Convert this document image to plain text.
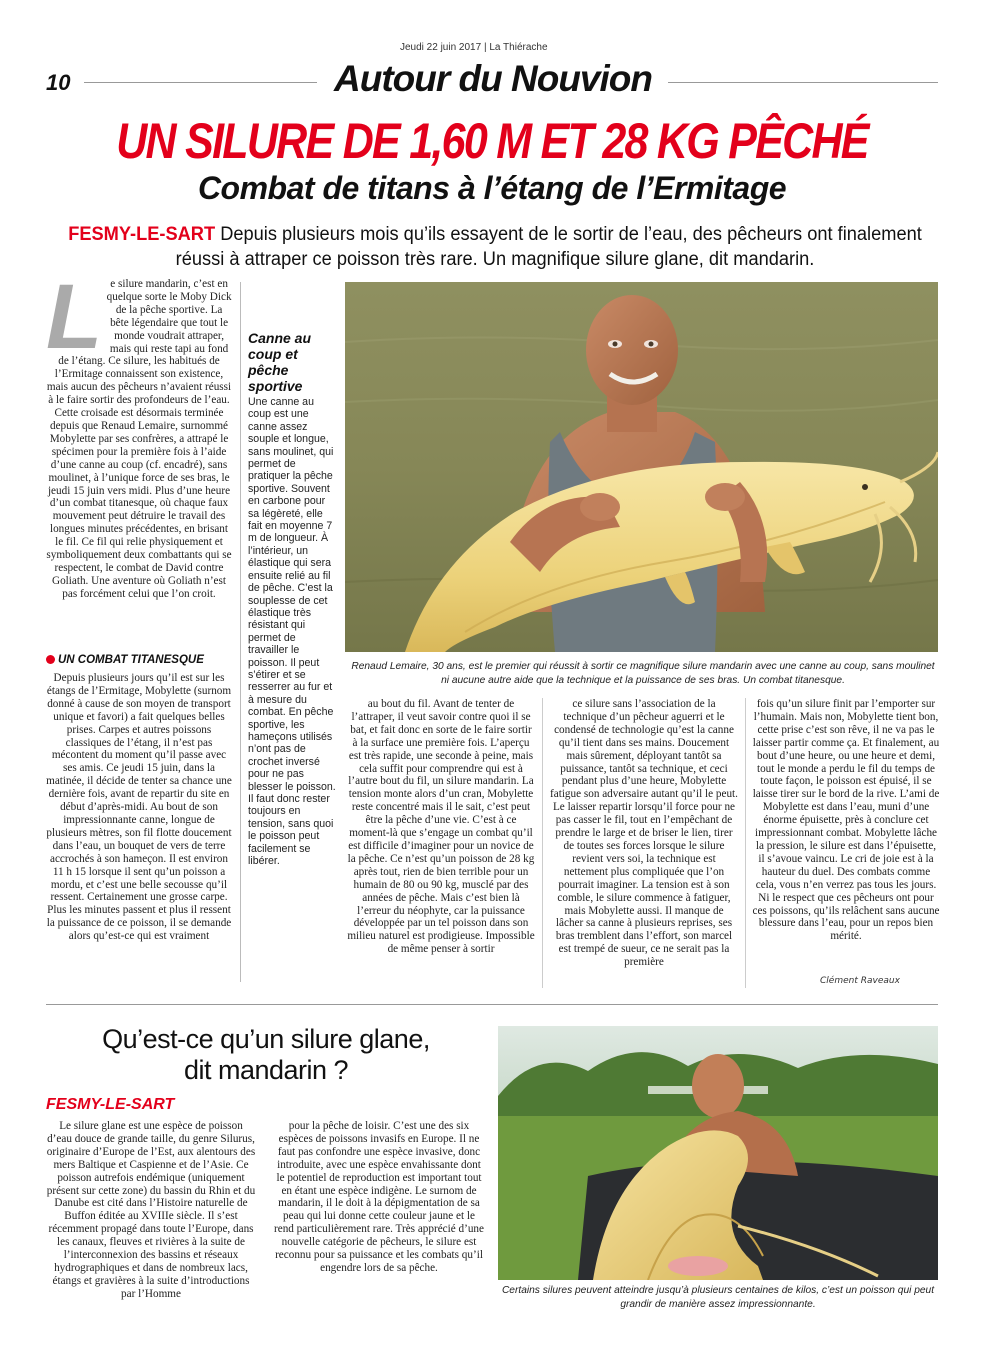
Jeudi 22 juin 2017 | La Thiérache
10	Autour du Nouvion
UN SILURE DE 1,60 M ET 28 KG PÊCHÉ
Combat de titans à l’étang de l’Ermitage
FESMY-LE-SART Depuis plusieurs mois qu’ils essayent de le sortir de l’eau, des pêcheurs ont finalement réussi à attraper ce poisson très rare. Un magnifique silure glane, dit mandarin.
L e silure mandarin, c’est en quelque sorte le Moby Dick de la pêche sportive. La bête légendaire que tout le monde voudrait attraper, mais qui reste tapi au fond de l’étang. Ce silure, les habitués de l’Ermitage connaissent son existence, mais aucun des pêcheurs n’avaient réussi à le faire sortir des profondeurs de l’eau. Cette croisade est désormais terminée depuis que Renaud Lemaire, surnommé Mobylette par ses confrères, a attrapé le spécimen pour la première fois à l’aide d’une canne au coup (cf. encadré), sans moulinet, à l’unique force de ses bras, le jeudi 15 juin vers midi. Plus d’une heure d’un combat titanesque, où chaque faux mouvement peut détruire le travail des longues minutes précédentes, en brisant le fil. Ce fil qui relie physiquement et symboliquement deux combattants qui se respectent, le combat de David contre Goliath. Une aventure où Goliath n’est pas forcément celui que l’on croit.

UN COMBAT TITANESQUE

Depuis plusieurs jours qu’il est sur les étangs de l’Ermitage, Mobylette (surnom donné à cause de son moyen de transport unique et favori) a fait quelques belles prises. Carpes et autres poissons classiques de l’étang, il n’est pas mécontent du moment qu’il passe avec ses amis. Ce jeudi 15 juin, dans la matinée, il décide de tenter sa chance une dernière fois, avant de repartir du site en début d’après-midi. Au bout de son impressionnante canne, longue de plusieurs mètres, son fil flotte doucement dans l’eau, un bouquet de vers de terre accrochés à son hameçon. Il est environ 11 h 15 lorsque il sent qu’un poisson a mordu, et c’est une belle secousse qu’il ressent. Certainement une grosse carpe. Plus les minutes passent et plus il ressent la puissance de ce poisson, il se demande alors qu’est-ce qui est vraiment

Canne au coup et pêche sportive
Une canne au coup est une canne assez souple et longue, sans moulinet, qui permet de pratiquer la pêche sportive. Souvent en carbone pour sa légèreté, elle fait en moyenne 7 m de longueur. À l’intérieur, un élastique qui sera ensuite relié au fil de pêche. C’est la souplesse de cet élastique très résistant qui permet de travailler le poisson. Il peut s’étirer et se resserrer au fur et à mesure du combat. En pêche sportive, les hameçons utilisés n’ont pas de crochet inversé pour ne pas blesser le poisson. Il faut donc rester toujours en tension, sans quoi le poisson peut facilement se libérer.
Renaud Lemaire, 30 ans, est le premier qui réussit à sortir ce magnifique silure mandarin avec une canne au coup, sans moulinet ni aucune autre aide que la technique et la puissance de ses bras. Un combat titanesque.

au bout du fil. Avant de tenter de l’attraper, il veut savoir contre quoi il se bat, et fait donc en sorte de le faire sortir à la surface une première fois. L’aperçu est très rapide, une seconde à peine, mais cela suffit pour comprendre qui est à l’autre bout du fil, un silure mandarin. La tension monte alors d’un cran, Mobylette reste concentré mais il le sait, c’est peut être la pêche d’une vie. C’est à ce moment-là que s’engage un combat qu’il est difficile d’imaginer pour un novice de la pêche. Ce n’est qu’un poisson de 28 kg après tout, rien de bien terrible pour un humain de 80 ou 90 kg, musclé par des années de pêche. Mais c’est bien là l’erreur du néophyte, car la puissance développée par un tel poisson dans son milieu naturel est prodigieuse. Impossible de même penser à sortir

ce silure sans l’association de la technique d’un pêcheur aguerri et le condensé de technologie qu’est la canne qu’il tient dans ses mains. Doucement mais sûrement, déployant tantôt sa puissance, tantôt sa technique, et ceci pendant plus d’une heure, Mobylette fatigue son adversaire autant qu’il le peut. Le laisser repartir lorsqu’il force pour ne pas casser le fil, tout en l’empêchant de prendre le large et de briser le lien, tirer de toutes ses forces lorsque le silure revient vers soi, la technique est nettement plus compliquée que l’on pourrait imaginer. La tension est à son comble, le silure commence à fatiguer, mais Mobylette aussi. Il manque de lâcher sa canne à plusieurs reprises, ses bras tremblent dans l’effort, son marcel est trempé de sueur, ce ne serait pas la première

fois qu’un silure finit par l’emporter sur l’humain. Mais non, Mobylette tient bon, cette prise c’est son rêve, il ne va pas le laisser partir comme ça. Et finalement, au bout d’une heure, ou une heure et demi, tout le monde a perdu le fil du temps de toute façon, le poisson est épuisé, il se laisse tirer sur le bord de la rive. L’ami de Mobylette est dans l’eau, muni d’une énorme épuisette, près à conclure cet impressionnant combat. Mobylette lâche la pression, le silure est dans l’épuisette, il s’avoue vaincu. Le cri de joie est à la hauteur du duel. Des combats comme cela, vous n’en verrez pas tous les jours. Ni le respect que ces pêcheurs ont pour ces poissons, qu’ils relâchent sans aucune blessure dans l’eau, pour un repos bien mérité.

Clément Raveaux
Qu’est-ce qu’un silure glane,
dit mandarin ?
FESMY-LE-SART

Le silure glane est une espèce de poisson d’eau douce de grande taille, du genre Silurus, originaire d’Europe de l’Est, aux alentours des mers Baltique et Caspienne et de l’Asie. Ce poisson autrefois endémique (uniquement présent sur cette zone) du bassin du Rhin et du Danube est cité dans l’Histoire naturelle de Buffon éditée au XVIIIe siècle. Il s’est récemment propagé dans toute l’Europe, dans les canaux, fleuves et rivières à la suite de l’interconnexion des bassins et réseaux hydrographiques et dans de nombreux lacs, étangs et gravières à la suite d’introductions par l’Homme

pour la pêche de loisir. C’est une des six espèces de poissons invasifs en Europe. Il ne faut pas confondre une espèce invasive, donc introduite, avec une espèce envahissante dont le potentiel de reproduction est important tout en étant une espèce indigène. Le surnom de mandarin, il le doit à la dépigmentation de sa peau qui lui donne cette couleur jaune et le rend particulièrement rare. Très apprécié d’une nouvelle catégorie de pêcheurs, le silure est reconnu pour sa puissance et les combats qu’il engendre lors de sa pêche.

Certains silures peuvent atteindre jusqu’à plusieurs centaines de kilos, c’est un poisson qui peut grandir de manière assez impressionnante.
